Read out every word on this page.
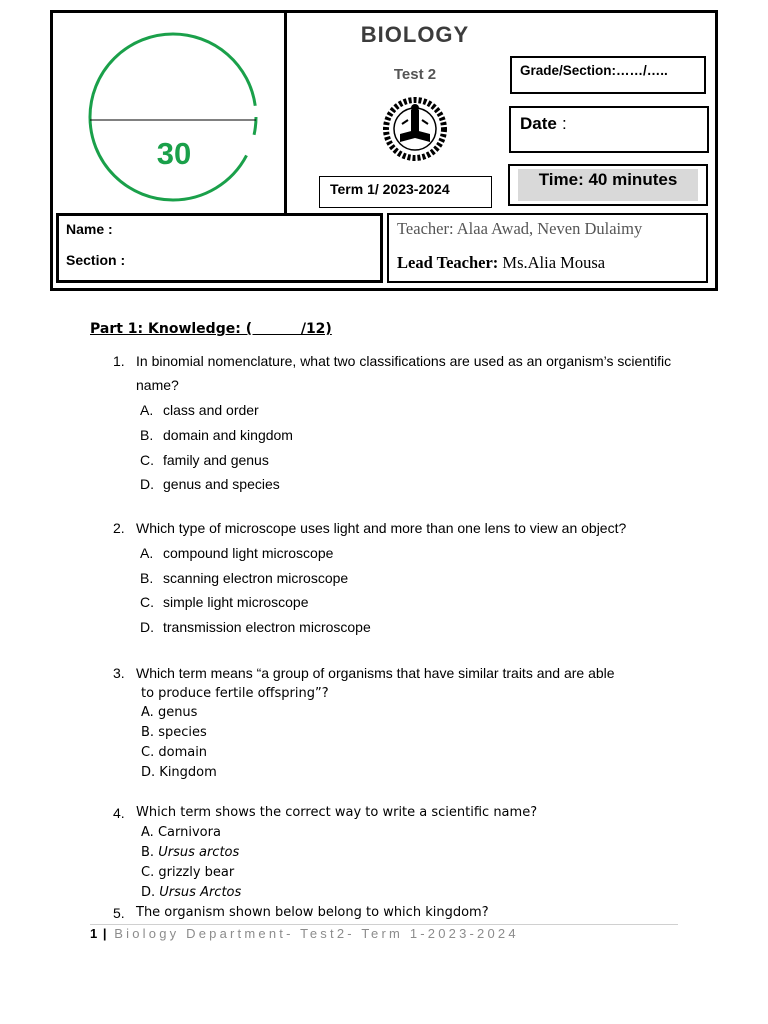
30
BIOLOGY
Test 2	Grade/Section:……/…..
Date :
Time: 40 minutes
Term 1/ 2023-2024
Name :
Section :
Teacher: Alaa Awad, Neven Dulaimy
Lead Teacher: Ms.Alia Mousa
Part 1: Knowledge: (          /12)
1. In binomial nomenclature, what two classifications are used as an organism’s scientific
name?
A. class and order
B. domain and kingdom
C. family and genus
D. genus and species
2. Which type of microscope uses light and more than one lens to view an object?
A. compound light microscope
B. scanning electron microscope
C. simple light microscope
D. transmission electron microscope
3. Which term means “a group of organisms that have similar traits and are able
to produce fertile offspring”?
A. genus
B. species
C. domain
D. Kingdom
4. Which term shows the correct way to write a scientific name?
A. Carnivora
B. Ursus arctos
C. grizzly bear
D. Ursus Arctos
5. The organism shown below belong to which kingdom?
1 | Biology Department- Test2- Term 1-2023-2024
